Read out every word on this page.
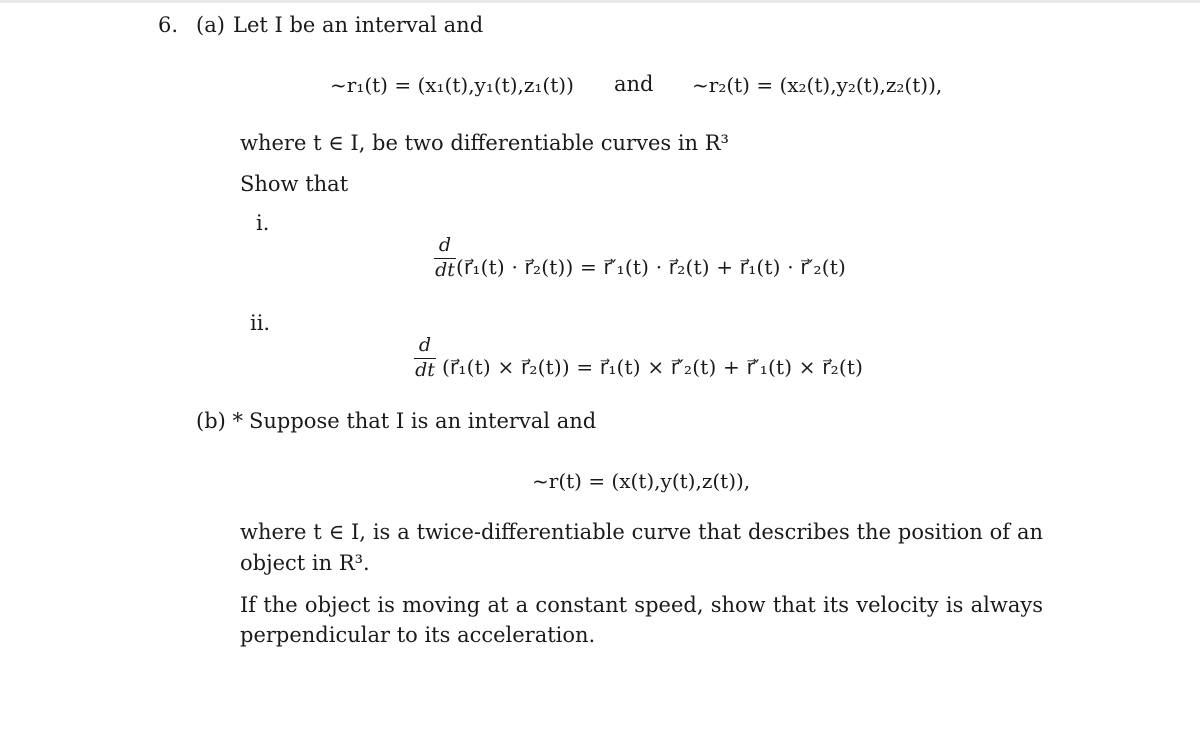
6. (a) Let I be an interval and
~r₁(t) = (x₁(t),y₁(t),z₁(t)) and ~r₂(t) = (x₂(t),y₂(t),z₂(t)),
where t ∈ I, be two differentiable curves in R³
Show that
i.
d
dt (r⃗₁(t) · r⃗₂(t)) = r⃗′₁(t) · r⃗₂(t) + r⃗₁(t) · r⃗′₂(t)
ii.
d
dt (r⃗₁(t) × r⃗₂(t)) = r⃗₁(t) × r⃗′₂(t) + r⃗′₁(t) × r⃗₂(t)
(b) * Suppose that I is an interval and
~r(t) = (x(t),y(t),z(t)),
where t ∈ I, is a twice-differentiable curve that describes the position of an
object in R³.
If the object is moving at a constant speed, show that its velocity is always
perpendicular to its acceleration.
